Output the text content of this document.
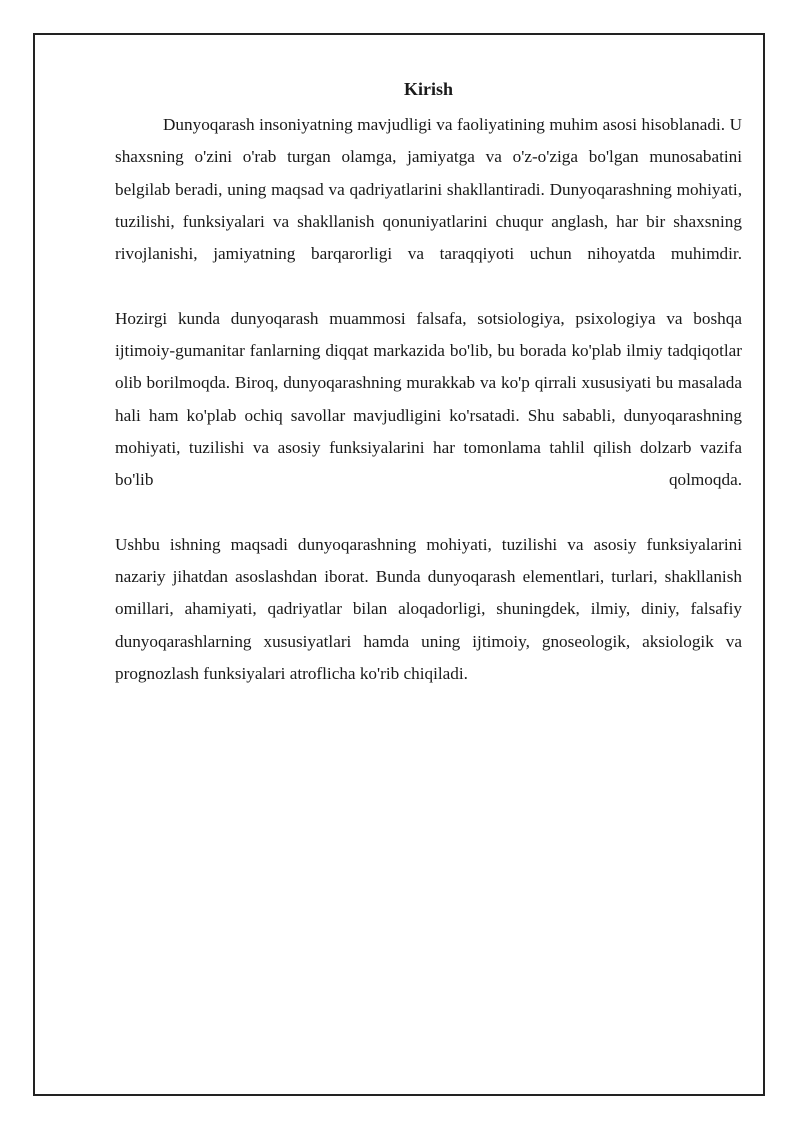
Kirish

Dunyoqarash insoniyatning mavjudligi va faoliyatining muhim asosi hisoblanadi. U shaxsning o'zini o'rab turgan olamga, jamiyatga va o'z-o'ziga bo'lgan munosabatini belgilab beradi, uning maqsad va qadriyatlarini shakllantiradi. Dunyoqarashning mohiyati, tuzilishi, funksiyalari va shakllanish qonuniyatlarini chuqur anglash, har bir shaxsning rivojlanishi, jamiyatning barqarorligi va taraqqiyoti uchun nihoyatda muhimdir.

Hozirgi kunda dunyoqarash muammosi falsafa, sotsiologiya, psixologiya va boshqa ijtimoiy-gumanitar fanlarning diqqat markazida bo'lib, bu borada ko'plab ilmiy tadqiqotlar olib borilmoqda. Biroq, dunyoqarashning murakkab va ko'p qirrali xususiyati bu masalada hali ham ko'plab ochiq savollar mavjudligini ko'rsatadi. Shu sababli, dunyoqarashning mohiyati, tuzilishi va asosiy funksiyalarini har tomonlama tahlil qilish dolzarb vazifa bo'lib qolmoqda.

Ushbu ishning maqsadi dunyoqarashning mohiyati, tuzilishi va asosiy funksiyalarini nazariy jihatdan asoslashdan iborat. Bunda dunyoqarash elementlari, turlari, shakllanish omillari, ahamiyati, qadriyatlar bilan aloqadorligi, shuningdek, ilmiy, diniy, falsafiy dunyoqarashlarning xususiyatlari hamda uning ijtimoiy, gnoseologik, aksiologik va prognozlash funksiyalari atroflicha ko'rib chiqiladi.
